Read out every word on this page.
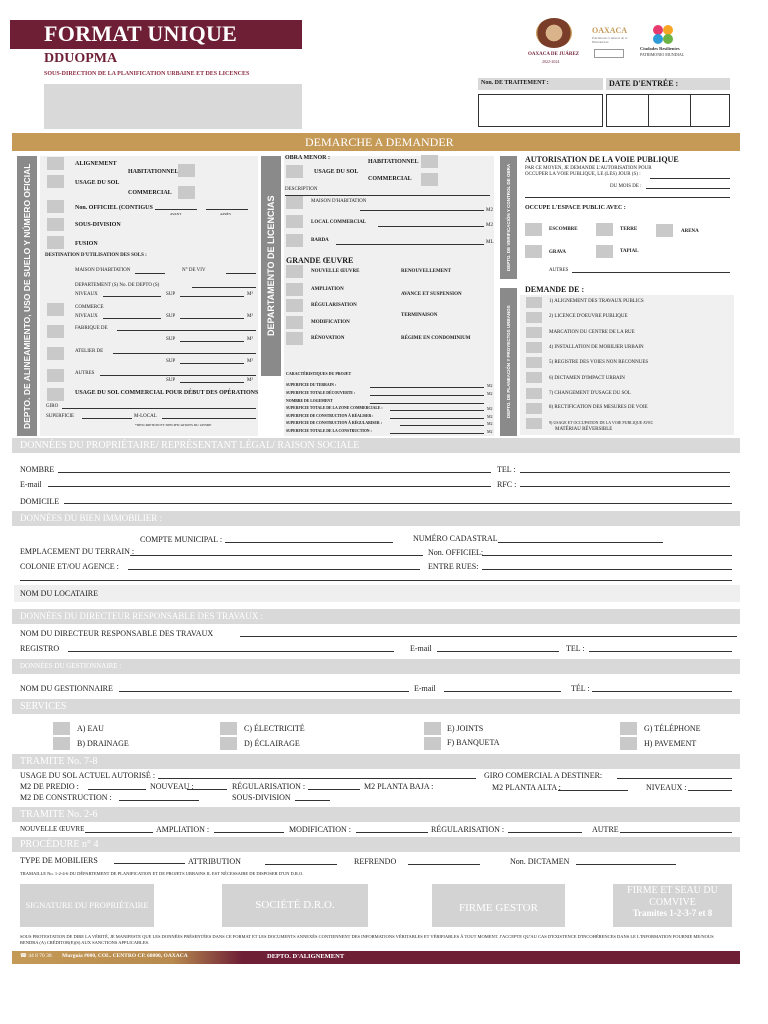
FORMAT UNIQUE
DDUOPMA
SOUS-DIRECTION DE LA PLANIFICATION URBAINE ET DES LICENCES
OAXACA DE JUÁREZ
2022-2024
OAXACA
Patrimonio Cultural de la Humanidad
Ciudades Resilientes
PATRIMONIO MUNDIAL
Non. DE TRAITEMENT :	DATE D'ENTRÉE :
DEMARCHE A DEMANDER
DEPTO. DE ALINEAMIENTO, USO DE SUELO Y NÚMERO OFICIAL	ALIGNEMENT
HABITATIONNEL
USAGE DU SOL
COMMERCIAL
Non. OFFICIEL (CONTIGUS
AVANT	APRÈS
SOUS-DIVISION
FUSION
DESTINATION D'UTILISATION DES SOLS :
MAISON D'HABITATION	N° DE VIV
DEPARTEMENT (S) No. DE DEPTO (S)
NIVEAUX	SUP	M²
COMMERCE
NIVEAUX	SUP	M²
FABRIQUE DE
SUP	M²
ATELIER DE
SUP	M²
AUTRES
SUP	M²
USAGE DU SOL COMMERCIAL POUR DÉBUT DES OPÉRATIONS
GIRO
SUPERFICIE	M-LOCAL
*DESCRIPTION ET SPECIFICATIONS DU GENRE
DEPARTAMENTO DE LICENCIAS
OBRA MENOR :
HABITATIONNEL
USAGE DU SOL
COMMERCIAL
DESCRIPTION
MAISON D'HABITATION
M2
LOCAL COMMERCIAL
M2
BARDA	ML
GRANDE ŒUVRE
NOUVELLE ŒUVRE	RENOUVELLEMENT
AMPLIATION
AVANCE ET SUSPENSION
RÉGULARISATION
MODIFICATION
TERMINAISON
RÉNOVATION	RÉGIME EN CONDOMINIUM
CARACTÉRISTIQUES DU PROJET
SUPERFICIE DU TERRAIN :
SUPERFICIE TOTALE DÉCOUVERTE :
NOMBRE DE LOGEMENT
SUPERFICIE TOTALE DE LA ZONE COMMERCIALE :
SUPERFICIE DE CONSTRUCTION À RÉALISER :
SUPERFICIE DE CONSTRUCTION À RÉGULARISER :
SUPERFICIE TOTALE DE LA CONSTRUCTION :
M2
M2
M2
M2
M2
M2
DEPTO. DE VERIFICACIÓN Y CONTROL DE OBRA
DEPTO. DE PLANEACIÓN Y PROYECTOS URBANOS
AUTORISATION DE LA VOIE PUBLIQUE
PAR CE MOYEN, JE DEMANDE L'AUTORISATION POUR OCCUPER LA VOIE PUBLIQUE, LE (LES) JOUR (S) :
DU MOIS DE :
OCCUPE L'ESPACE PUBLIC AVEC :
ESCOMBRE	TERRE	ARENA
GRAVA	TAPIAL
AUTRES
DEMANDE DE :
1) ALIGNEMENT DES TRAVAUX PUBLICS
2) LICENCE D'OEUVRE PUBLIQUE
MARCATION DU CENTRE DE LA RUE
4) INSTALLATION DE MOBILIER URBAIN
5) REGISTRE DES VOIES NON RECONNUES
6) DICTAMEN D'IMPACT URBAIN
7) CHANGEMENT D'USAGE DU SOL
8) RECTIFICATION DES MESURES DE VOIE
9) USAGE ET OCCUPATION DE LA VOIE PUBLIQUE AVEC
MATÉRIAU RÉVERSIBLE
DONNÉES DU PROPRIÉTAIRE/ REPRÉSENTANT LÉGAL/ RAISON SOCIALE
NOMBRE	TEL :
E-mail	RFC :
DOMICILE
DONNÉES DU BIEN IMMOBILIER :
COMPTE MUNICIPAL :	NUMÉRO CADASTRAL
EMPLACEMENT DU TERRAIN :	Non. OFFICIEL:
COLONIE ET/OU AGENCE :	ENTRE RUES:
NOM DU LOCATAIRE
DONNÉES DU DIRECTEUR RESPONSABLE DES TRAVAUX :
NOM DU DIRECTEUR RESPONSABLE DES TRAVAUX
REGISTRO	E-mail	TEL :
DONNÉES DU GESTIONNAIRE :
NOM DU GESTIONNAIRE	E-mail	TÉL :
SERVICES
A) EAU
B) DRAINAGE
C) ÉLECTRICITÉ
D) ÉCLAIRAGE
E) JOINTS
F) BANQUETA
G) TÉLÉPHONE
H) PAVEMENT
TRAMITE No. 7-8
USAGE DU SOL ACTUEL AUTORISÉ :	GIRO COMERCIAL A DESTINER:
M2 DE PREDIO :	NOUVEAU :	RÉGULARISATION :	M2 PLANTA BAJA :	M2 PLANTA ALTA :	NIVEAUX :
M2 DE CONSTRUCTION :	SOUS-DIVISION
TRAMITE No. 2-6
NOUVELLE ŒUVRE	AMPLIATION :	MODIFICATION :	RÉGULARISATION :	AUTRE
PROCÉDURE n° 4
TYPE DE MOBILIERS	ATTRIBUTION	REFRENDO	Non. DICTAMEN
TRAMAILLE No. 1-2-4-6 DU DÉPARTEMENT DE PLANIFICATION ET DE PROJETS URBAINS IL EST NÉCESSAIRE DE DISPOSER D'UN D.R.O.
SIGNATURE DU PROPRIÉTAIRE	SOCIÉTÉ D.R.O.	FIRME GESTOR
FIRME ET SEAU DU COMVIVE
Tramites 1-2-3-7 et 8
SOUS PROTESTATION DE DIRE LA VÉRITÉ, JE MANIFESTE QUE LES DONNÉES PRÉSENTÉES DANS CE FORMAT ET LES DOCUMENTS ANNEXÉS CONTIENNENT DES INFORMATIONS VÉRITABLES ET VÉRIFIABLES À TOUT MOMENT. J'ACCEPTE QU'AU CAS D'EXISTENCE D'INCOHÉRENCES DANS LE L'INFORMATION FOURNIE ME/NOUS RENDRA (A) CRÉDITOR(E)(S) AUX SANCTIONS APPLICABLES.
☎ 44 8 70 38 Murguía #000, COL. CENTRO CP. 68000, OAXACA	DEPTO. D'ALIGNEMENT
